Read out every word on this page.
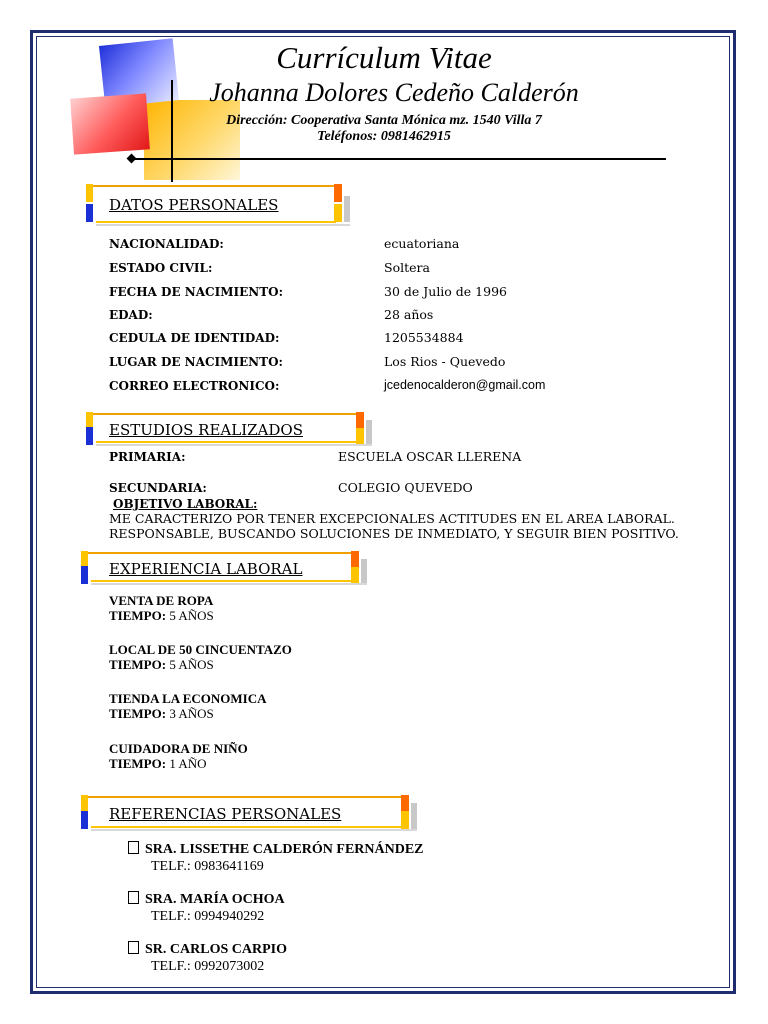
Currículum Vitae
Johanna Dolores Cedeño Calderón
Dirección: Cooperativa Santa Mónica mz. 1540 Villa 7
Teléfonos: 0981462915
DATOS PERSONALES
NACIONALIDAD:	ecuatoriana
ESTADO CIVIL:	Soltera
FECHA DE NACIMIENTO:	30 de Julio de 1996
EDAD:	28 años
CEDULA DE IDENTIDAD:	1205534884
LUGAR DE NACIMIENTO:	Los Rios - Quevedo
CORREO ELECTRONICO:	jcedenocalderon@gmail.com
ESTUDIOS REALIZADOS
PRIMARIA:	ESCUELA OSCAR LLERENA
SECUNDARIA:	COLEGIO QUEVEDO
OBJETIVO LABORAL:
ME CARACTERIZO POR TENER EXCEPCIONALES ACTITUDES EN EL AREA LABORAL.
RESPONSABLE, BUSCANDO SOLUCIONES DE INMEDIATO, Y SEGUIR BIEN POSITIVO.
EXPERIENCIA LABORAL
VENTA DE ROPA
TIEMPO: 5 AÑOS
LOCAL DE 50 CINCUENTAZO
TIEMPO: 5 AÑOS
TIENDA LA ECONOMICA
TIEMPO: 3 AÑOS
CUIDADORA DE NIÑO
TIEMPO: 1 AÑO
REFERENCIAS PERSONALES
SRA. LISSETHE CALDERÓN FERNÁNDEZ
TELF.: 0983641169
SRA. MARÍA OCHOA
TELF.: 0994940292
SR. CARLOS CARPIO
TELF.: 0992073002
